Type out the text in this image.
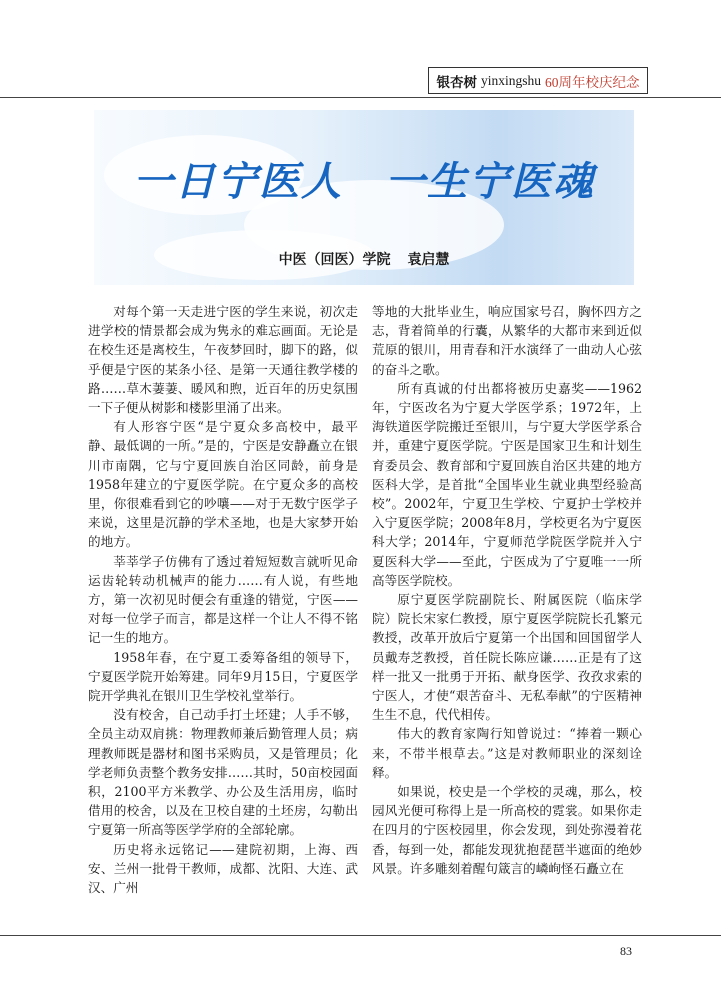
银杏树 yinxingshu 60周年校庆纪念
一日宁医人　一生宁医魂
中医（回医）学院 袁启慧

对每个第一天走进宁医的学生来说，初次走进学校的情景都会成为隽永的难忘画面。无论是在校生还是离校生，午夜梦回时，脚下的路，似乎便是宁医的某条小径、是第一天通往教学楼的路……草木萋萋、暖风和煦，近百年的历史氛围一下子便从树影和楼影里涌了出来。

有人形容宁医“是宁夏众多高校中，最平静、最低调的一所。”是的，宁医是安静矗立在银川市南隅，它与宁夏回族自治区同龄，前身是1958年建立的宁夏医学院。在宁夏众多的高校里，你很难看到它的吵嚷——对于无数宁医学子来说，这里是沉静的学术圣地，也是大家梦开始的地方。

莘莘学子仿佛有了透过着短短数言就听见命运齿轮转动机械声的能力……有人说，有些地方，第一次初见时便会有重逢的错觉，宁医——对每一位学子而言，都是这样一个让人不得不铭记一生的地方。

1958年春，在宁夏工委筹备组的领导下，宁夏医学院开始筹建。同年9月15日，宁夏医学院开学典礼在银川卫生学校礼堂举行。

没有校舍，自己动手打土坯建；人手不够，全员主动双肩挑：物理教师兼后勤管理人员；病理教师既是器材和图书采购员，又是管理员；化学老师负责整个教务安排……其时，50亩校园面积，2100平方米教学、办公及生活用房，临时借用的校舍，以及在卫校自建的土坯房，勾勒出宁夏第一所高等医学学府的全部轮廓。

历史将永远铭记——建院初期，上海、西安、兰州一批骨干教师，成都、沈阳、大连、武汉、广州

等地的大批毕业生，响应国家号召，胸怀四方之志，背着简单的行囊，从繁华的大都市来到近似荒原的银川，用青春和汗水演绎了一曲动人心弦的奋斗之歌。

所有真诚的付出都将被历史嘉奖——1962年，宁医改名为宁夏大学医学系；1972年，上海铁道医学院搬迁至银川，与宁夏大学医学系合并，重建宁夏医学院。宁医是国家卫生和计划生育委员会、教育部和宁夏回族自治区共建的地方医科大学，是首批“全国毕业生就业典型经验高校”。2002年，宁夏卫生学校、宁夏护士学校并入宁夏医学院；2008年8月，学校更名为宁夏医科大学；2014年，宁夏师范学院医学院并入宁夏医科大学——至此，宁医成为了宁夏唯一一所高等医学院校。

原宁夏医学院副院长、附属医院（临床学院）院长宋家仁教授，原宁夏医学院院长孔繁元教授，改革开放后宁夏第一个出国和回国留学人员戴寿芝教授，首任院长陈应谦……正是有了这样一批又一批勇于开拓、献身医学、孜孜求索的宁医人，才使“艰苦奋斗、无私奉献”的宁医精神生生不息，代代相传。

伟大的教育家陶行知曾说过：“捧着一颗心来，不带半根草去。”这是对教师职业的深刻诠释。

如果说，校史是一个学校的灵魂，那么，校园风光便可称得上是一所高校的霓裳。如果你走在四月的宁医校园里，你会发现，到处弥漫着花香，每到一处，都能发现犹抱琵琶半遮面的绝妙风景。许多雕刻着醒句箴言的嶙峋怪石矗立在

83
